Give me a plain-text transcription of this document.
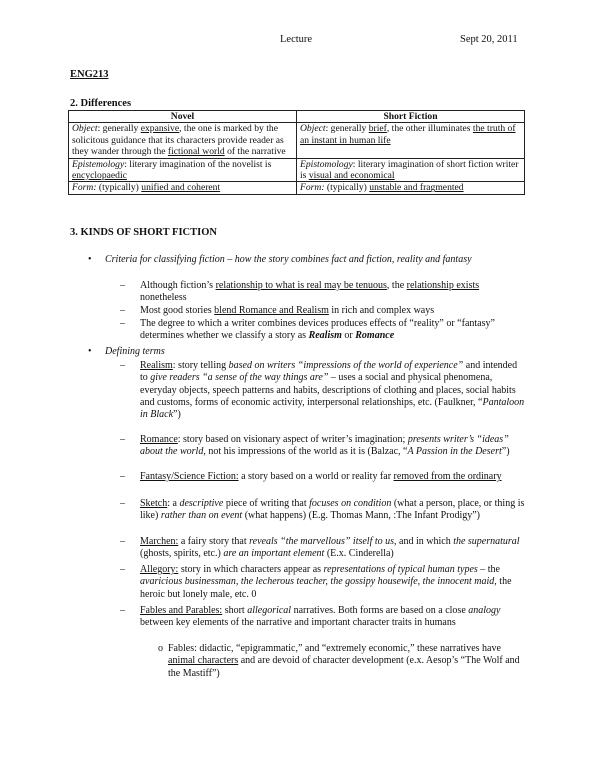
Lecture	Sept 20, 2011
ENG213
2. Differences
Novel	Short Fiction
Object: generally expansive, the one is marked by the solicitous guidance that its characters provide reader as they wander through the fictional world of the narrative	Object: generally brief, the other illuminates the truth of an instant in human life
Epistemology: literary imagination of the novelist is encyclopaedic	Epistomology: literary imagination of short fiction writer is visual and economical
Form: (typically) unified and coherent	Form: (typically) unstable and fragmented
3. KINDS OF SHORT FICTION
• Criteria for classifying fiction – how the story combines fact and fiction, reality and fantasy
– Although fiction’s relationship to what is real may be tenuous, the relationship exists nonetheless
– Most good stories blend Romance and Realism in rich and complex ways
– The degree to which a writer combines devices produces effects of “reality” or “fantasy” determines whether we classify a story as Realism or Romance
• Defining terms
– Realism: story telling based on writers “impressions of the world of experience” and intended to give readers “a sense of the way things are” – uses a social and physical phenomena, everyday objects, speech patterns and habits, descriptions of clothing and places, social habits and customs, forms of economic activity, interpersonal relationships, etc. (Faulkner, “Pantaloon in Black”)
– Romance: story based on visionary aspect of writer’s imagination; presents writer’s “ideas” about the world, not his impressions of the world as it is (Balzac, “A Passion in the Desert”)
– Fantasy/Science Fiction: a story based on a world or reality far removed from the ordinary
– Sketch: a descriptive piece of writing that focuses on condition (what a person, place, or thing is like) rather than on event (what happens) (E.g. Thomas Mann, :The Infant Prodigy”)
– Marchen: a fairy story that reveals “the marvellous” itself to us, and in which the supernatural (ghosts, spirits, etc.) are an important element (E.x. Cinderella)
– Allegory: story in which characters appear as representations of typical human types – the avaricious businessman, the lecherous teacher, the gossipy housewife, the innocent maid, the heroic but lonely male, etc. 0
– Fables and Parables: short allegorical narratives. Both forms are based on a close analogy between key elements of the narrative and important character traits in humans
o Fables: didactic, “epigrammatic,” and “extremely economic,” these narratives have animal characters and are devoid of character development (e.x. Aesop’s “The Wolf and the Mastiff”)
